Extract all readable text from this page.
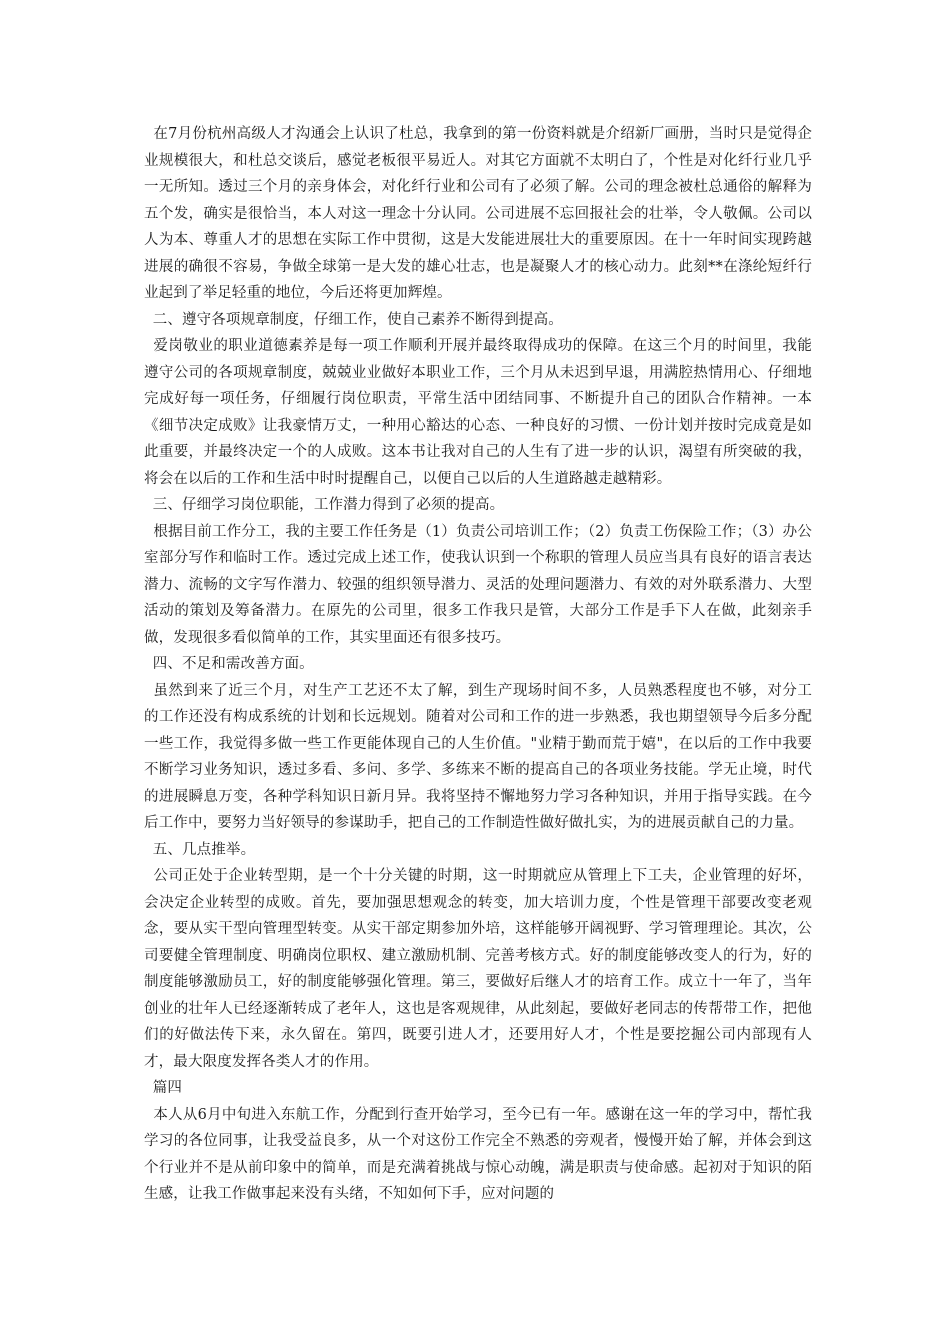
在7月份杭州高级人才沟通会上认识了杜总，我拿到的第一份资料就是介绍新厂画册，当时只是觉得企业规模很大，和杜总交谈后，感觉老板很平易近人。对其它方面就不太明白了，个性是对化纤行业几乎一无所知。透过三个月的亲身体会，对化纤行业和公司有了必须了解。公司的理念被杜总通俗的解释为五个发，确实是很恰当，本人对这一理念十分认同。公司进展不忘回报社会的壮举，令人敬佩。公司以人为本、尊重人才的思想在实际工作中贯彻，这是大发能进展壮大的重要原因。在十一年时间实现跨越进展的确很不容易，争做全球第一是大发的雄心壮志，也是凝聚人才的核心动力。此刻**在涤纶短纤行业起到了举足轻重的地位，今后还将更加辉煌。

二、遵守各项规章制度，仔细工作，使自己素养不断得到提高。

爱岗敬业的职业道德素养是每一项工作顺利开展并最终取得成功的保障。在这三个月的时间里，我能遵守公司的各项规章制度，兢兢业业做好本职业工作，三个月从未迟到早退，用满腔热情用心、仔细地完成好每一项任务，仔细履行岗位职责，平常生活中团结同事、不断提升自己的团队合作精神。一本《细节决定成败》让我豪情万丈，一种用心豁达的心态、一种良好的习惯、一份计划并按时完成竟是如此重要，并最终决定一个的人成败。这本书让我对自己的人生有了进一步的认识，渴望有所突破的我，将会在以后的工作和生活中时时提醒自己，以便自己以后的人生道路越走越精彩。

三、仔细学习岗位职能，工作潜力得到了必须的提高。

根据目前工作分工，我的主要工作任务是（1）负责公司培训工作；（2）负责工伤保险工作；（3）办公室部分写作和临时工作。透过完成上述工作，使我认识到一个称职的管理人员应当具有良好的语言表达潜力、流畅的文字写作潜力、较强的组织领导潜力、灵活的处理问题潜力、有效的对外联系潜力、大型活动的策划及筹备潜力。在原先的公司里，很多工作我只是管，大部分工作是手下人在做，此刻亲手做，发现很多看似简单的工作，其实里面还有很多技巧。

四、不足和需改善方面。

虽然到来了近三个月，对生产工艺还不太了解，到生产现场时间不多，人员熟悉程度也不够，对分工的工作还没有构成系统的计划和长远规划。随着对公司和工作的进一步熟悉，我也期望领导今后多分配一些工作，我觉得多做一些工作更能体现自己的人生价值。"业精于勤而荒于嬉"，在以后的工作中我要不断学习业务知识，透过多看、多问、多学、多练来不断的提高自己的各项业务技能。学无止境，时代的进展瞬息万变，各种学科知识日新月异。我将坚持不懈地努力学习各种知识，并用于指导实践。在今后工作中，要努力当好领导的参谋助手，把自己的工作制造性做好做扎实，为的进展贡献自己的力量。

五、几点推举。

公司正处于企业转型期，是一个十分关键的时期，这一时期就应从管理上下工夫，企业管理的好坏，会决定企业转型的成败。首先，要加强思想观念的转变，加大培训力度，个性是管理干部要改变老观念，要从实干型向管理型转变。从实干部定期参加外培，这样能够开阔视野、学习管理理论。其次，公司要健全管理制度、明确岗位职权、建立激励机制、完善考核方式。好的制度能够改变人的行为，好的制度能够激励员工，好的制度能够强化管理。第三，要做好后继人才的培育工作。成立十一年了，当年创业的壮年人已经逐渐转成了老年人，这也是客观规律，从此刻起，要做好老同志的传帮带工作，把他们的好做法传下来，永久留在。第四，既要引进人才，还要用好人才，个性是要挖掘公司内部现有人才，最大限度发挥各类人才的作用。

篇四

本人从6月中旬进入东航工作，分配到行查开始学习，至今已有一年。感谢在这一年的学习中，帮忙我学习的各位同事，让我受益良多，从一个对这份工作完全不熟悉的旁观者，慢慢开始了解，并体会到这个行业并不是从前印象中的简单，而是充满着挑战与惊心动魄，满是职责与使命感。起初对于知识的陌生感，让我工作做事起来没有头绪，不知如何下手，应对问题的
